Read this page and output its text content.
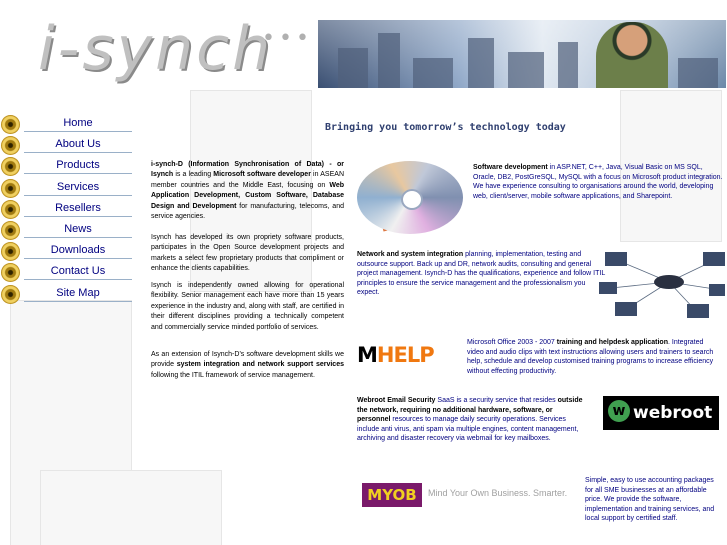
i-synch
•••
Home
About Us
Products
Services
Resellers
News
Downloads
Contact Us
Site Map
Bringing you tomorrow’s technology today
i-synch-D (Information Synchronisation of Data) - or Isynch is a leading Microsoft software developer in ASEAN member countries and the Middle East, focusing on Web Application Development, Custom Software, Database Design and Development for manufacturing, telecoms, and service agencies.
Isynch has developed its own propriety software products, participates in the Open Source development projects and markets a select few proprietary products that compliment or enhance the clients capabilities.
Isynch is independently owned allowing for operational flexibility. Senior management each have more than 15 years experience in the industry and, along with staff, are certified in their different disciplines providing a technically competent and commercially service minded portfolio of services.
As an extension of Isynch-D's software development skills we provide system integration and network support services following the ITIL framework of service management.
Software development in ASP.NET, C++, Java, Visual Basic on MS SQL, Oracle, DB2, PostGreSQL, MySQL with a focus on Microsoft product integration. We have experience consulting to organisations around the world, developing web, client/server, mobile software applications, and Sharepoint.
Network and system integration planning, implementation, testing and outsource support. Back up and DR, network audits, consulting and general project management. Isynch-D has the qualifications, experience and follow ITIL principles to ensure the service management and the professionalism you expect.
MHELP
Microsoft Office 2003 - 2007 training and helpdesk application. Integrated video and audio clips with text instructions allowing users and trainers to search help, schedule and develop customised training programs to increase efficiency without effecting productivity.
Webroot Email Security SaaS is a security service that resides outside the network, requiring no additional hardware, software, or personnel resources to manage daily security operations. Services include anti virus, anti spam via multiple engines, content management, archiving and disaster recovery via webmail for key mailboxes.
w webroot
Simple, easy to use accounting packages for all SME businesses at an affordable price. We provide the software, implementation and training services, and local support by certified staff.
MYOB	Mind Your Own Business. Smarter.
